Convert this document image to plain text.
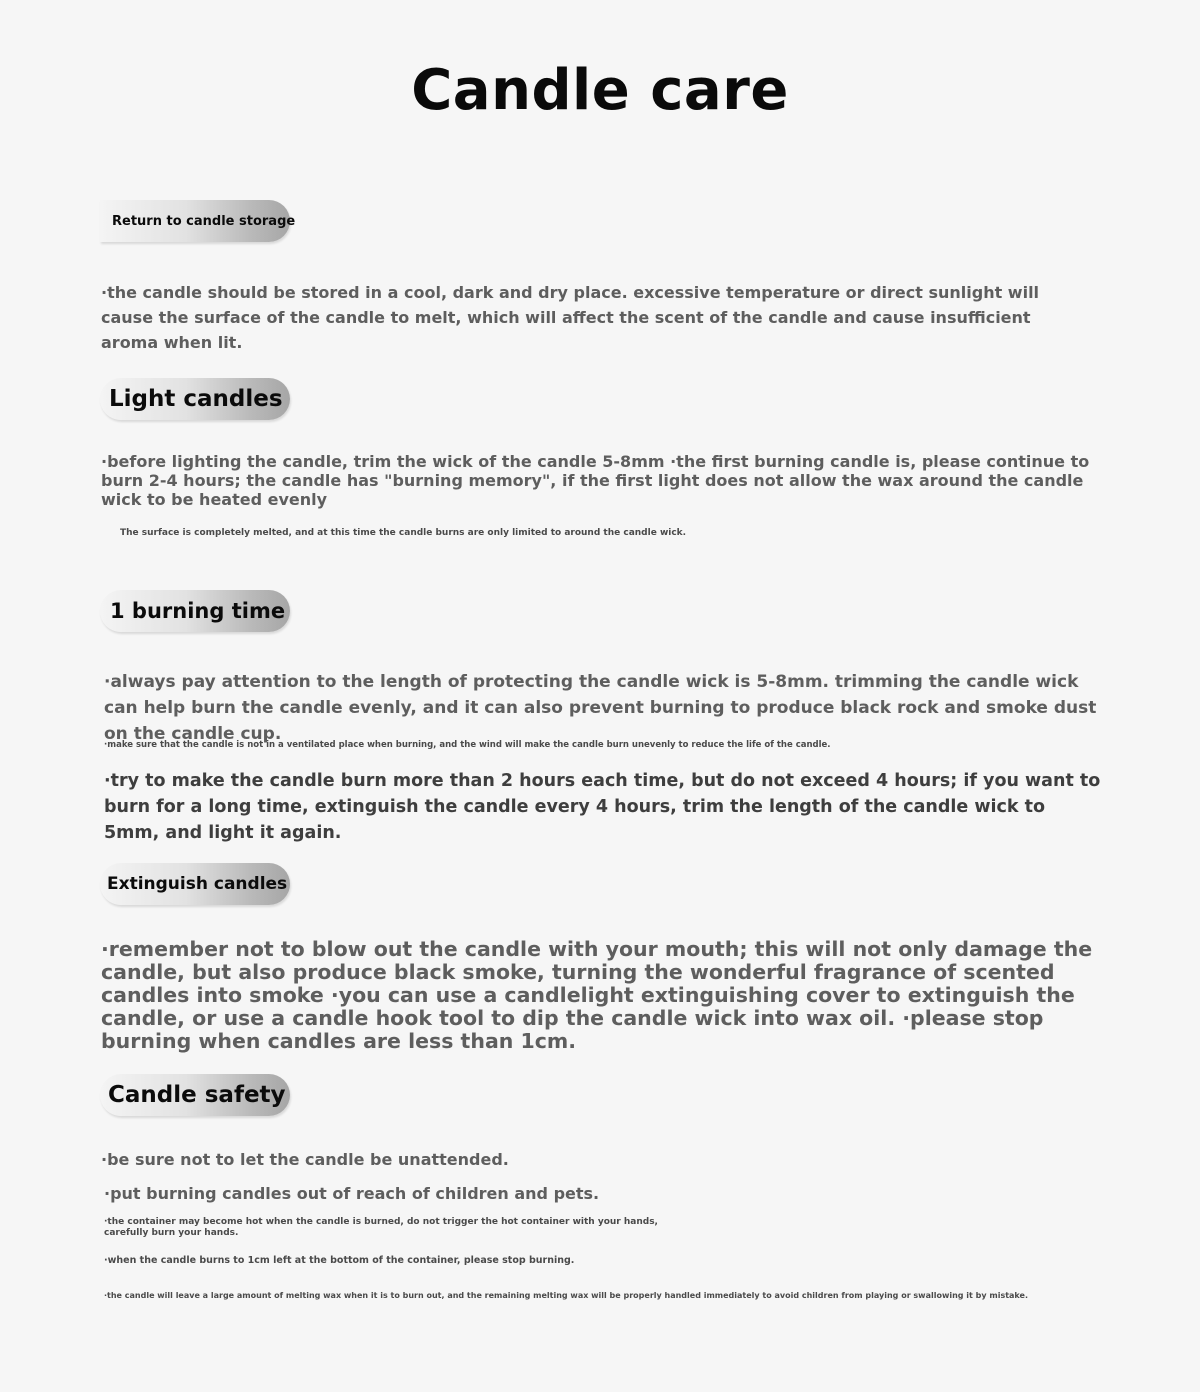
Candle care
Return to candle storage
·the candle should be stored in a cool, dark and dry place. excessive temperature or direct sunlight will cause the surface of the candle to melt, which will affect the scent of the candle and cause insufficient aroma when lit.
Light candles
·before lighting the candle, trim the wick of the candle 5-8mm ·the first burning candle is, please continue to burn 2-4 hours; the candle has "burning memory", if the first light does not allow the wax around the candle wick to be heated evenly
The surface is completely melted, and at this time the candle burns are only limited to around the candle wick.
1 burning time
·always pay attention to the length of protecting the candle wick is 5-8mm. trimming the candle wick can help burn the candle evenly, and it can also prevent burning to produce black rock and smoke dust on the candle cup.
·make sure that the candle is not in a ventilated place when burning, and the wind will make the candle burn unevenly to reduce the life of the candle.
·try to make the candle burn more than 2 hours each time, but do not exceed 4 hours; if you want to burn for a long time, extinguish the candle every 4 hours, trim the length of the candle wick to 5mm, and light it again.
Extinguish candles
·remember not to blow out the candle with your mouth; this will not only damage the candle, but also produce black smoke, turning the wonderful fragrance of scented candles into smoke ·you can use a candlelight extinguishing cover to extinguish the candle, or use a candle hook tool to dip the candle wick into wax oil. ·please stop burning when candles are less than 1cm.
Candle safety
·be sure not to let the candle be unattended.
·put burning candles out of reach of children and pets.
·the container may become hot when the candle is burned, do not trigger the hot container with your hands, carefully burn your hands.
·when the candle burns to 1cm left at the bottom of the container, please stop burning.
·the candle will leave a large amount of melting wax when it is to burn out, and the remaining melting wax will be properly handled immediately to avoid children from playing or swallowing it by mistake.
